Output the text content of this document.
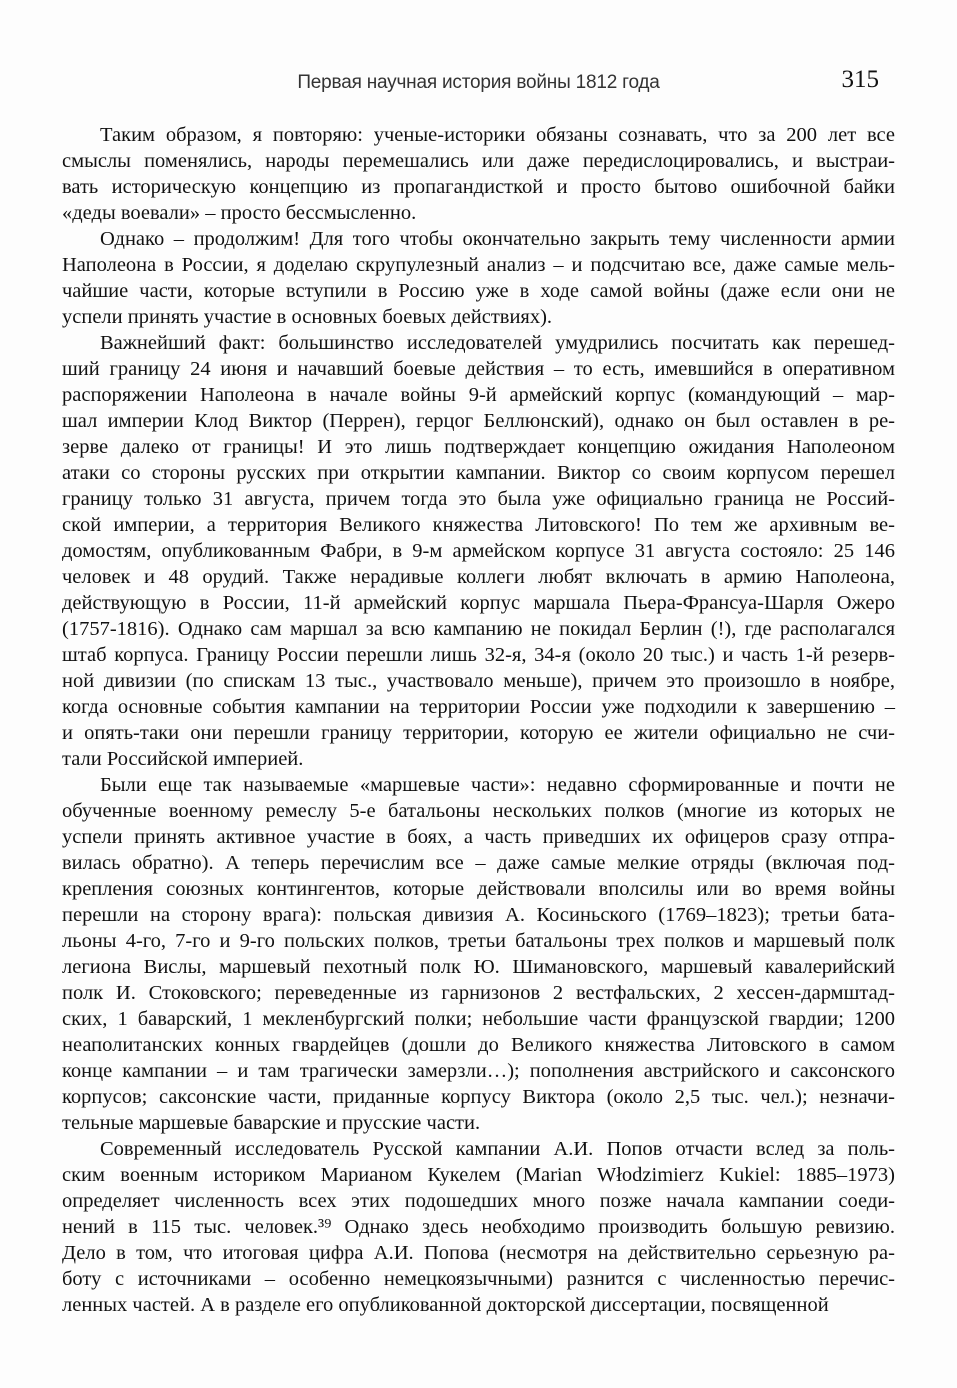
Первая научная история войны 1812 года	315
Таким образом, я повторяю: ученые-историки обязаны сознавать, что за 200 лет все
смыслы поменялись, народы перемешались или даже передислоцировались, и выстраи-
вать историческую концепцию из пропагандисткой и просто бытово ошибочной байки
«деды воевали» – просто бессмысленно.
Однако – продолжим! Для того чтобы окончательно закрыть тему численности армии
Наполеона в России, я доделаю скрупулезный анализ – и подсчитаю все, даже самые мель-
чайшие части, которые вступили в Россию уже в ходе самой войны (даже если они не
успели принять участие в основных боевых действиях).
Важнейший факт: большинство исследователей умудрились посчитать как перешед-
ший границу 24 июня и начавший боевые действия – то есть, имевшийся в оперативном
распоряжении Наполеона в начале войны 9-й армейский корпус (командующий – мар-
шал империи Клод Виктор (Перрен), герцог Беллюнский), однако он был оставлен в ре-
зерве далеко от границы! И это лишь подтверждает концепцию ожидания Наполеоном
атаки со стороны русских при открытии кампании. Виктор со своим корпусом перешел
границу только 31 августа, причем тогда это была уже официально граница не Россий-
ской империи, а территория Великого княжества Литовского! По тем же архивным ве-
домостям, опубликованным Фабри, в 9-м армейском корпусе 31 августа состояло: 25 146
человек и 48 орудий. Также нерадивые коллеги любят включать в армию Наполеона,
действующую в России, 11-й армейский корпус маршала Пьера-Франсуа-Шарля Ожеро
(1757-1816). Однако сам маршал за всю кампанию не покидал Берлин (!), где располагался
штаб корпуса. Границу России перешли лишь 32-я, 34-я (около 20 тыс.) и часть 1-й резерв-
ной дивизии (по спискам 13 тыс., участвовало меньше), причем это произошло в ноябре,
когда основные события кампании на территории России уже подходили к завершению –
и опять-таки они перешли границу территории, которую ее жители официально не счи-
тали Российской империей.
Были еще так называемые «маршевые части»: недавно сформированные и почти не
обученные военному ремеслу 5-е батальоны нескольких полков (многие из которых не
успели принять активное участие в боях, а часть приведших их офицеров сразу отпра-
вилась обратно). А теперь перечислим все – даже самые мелкие отряды (включая под-
крепления союзных контингентов, которые действовали вполсилы или во время войны
перешли на сторону врага): польская дивизия А. Косиньского (1769–1823); третьи бата-
льоны 4-го, 7-го и 9-го польских полков, третьи батальоны трех полков и маршевый полк
легиона Вислы, маршевый пехотный полк Ю. Шимановского, маршевый кавалерийский
полк И. Стоковского; переведенные из гарнизонов 2 вестфальских, 2 хессен-дармштад-
ских, 1 баварский, 1 мекленбургский полки; небольшие части французской гвардии; 1200
неаполитанских конных гвардейцев (дошли до Великого княжества Литовского в самом
конце кампании – и там трагически замерзли…); пополнения австрийского и саксонского
корпусов; саксонские части, приданные корпусу Виктора (около 2,5 тыс. чел.); незначи-
тельные маршевые баварские и прусские части.
Современный исследователь Русской кампании А.И. Попов отчасти вслед за поль-
ским военным историком Марианом Кукелем (Marian Włodzimierz Kukiel: 1885–1973)
определяет численность всех этих подошедших много позже начала кампании соеди-
нений в 115 тыс. человек.³⁹ Однако здесь необходимо производить большую ревизию.
Дело в том, что итоговая цифра А.И. Попова (несмотря на действительно серьезную ра-
боту с источниками – особенно немецкоязычными) разнится с численностью перечис-
ленных частей. А в разделе его опубликованной докторской диссертации, посвященной
